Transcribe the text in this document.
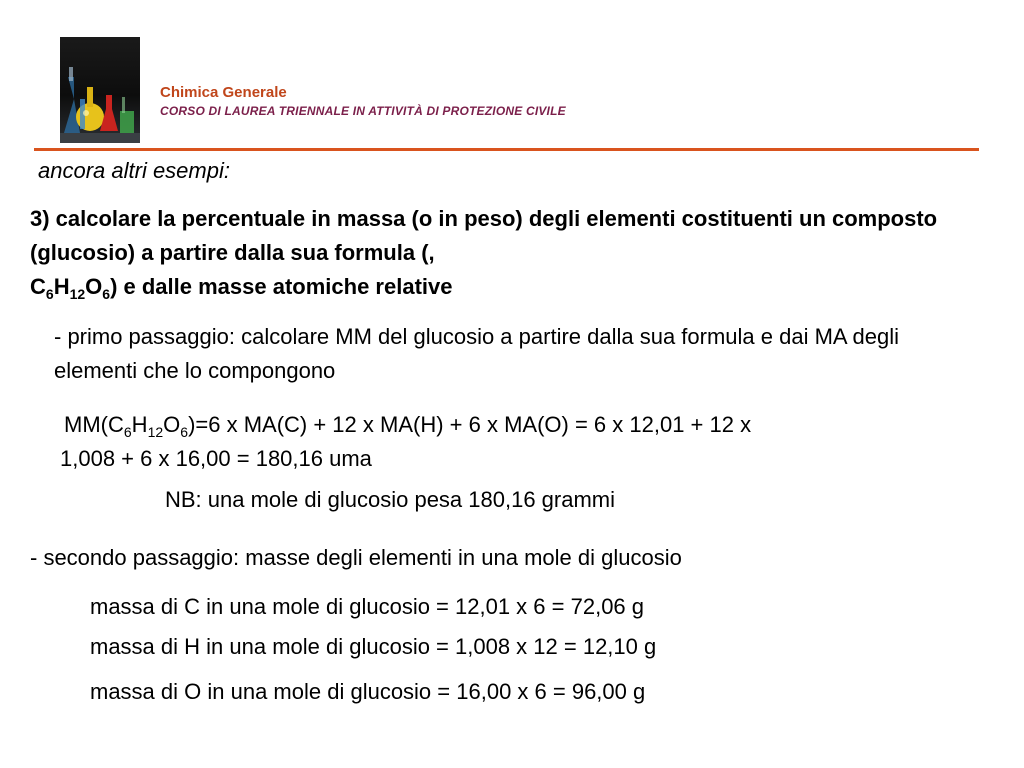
Chimica Generale
CORSO DI LAUREA TRIENNALE IN ATTIVITÀ DI PROTEZIONE CIVILE
ancora altri esempi:
3) calcolare la percentuale in massa (o in peso) degli elementi costituenti un composto (glucosio) a partire dalla sua formula (,
$C_6H_{12}O_6$) e dalle masse atomiche relative
- primo passaggio: calcolare MM del glucosio a partire dalla sua formula e dai MA degli elementi che lo compongono
$MM(C_6H_{12}O_6)=6$ x MA(C) + 12 x MA(H) + 6 x MA(O) = 6 x 12,01 + 12 x
1,008 + 6 x 16,00 = 180,16 uma
NB: una mole di glucosio pesa 180,16 grammi
- secondo passaggio: masse degli elementi in una mole di glucosio
massa di C in una mole di glucosio = 12,01 x 6 = 72,06 g
massa di H in una mole di glucosio = 1,008 x 12 = 12,10 g
massa di O in una mole di glucosio = 16,00 x 6 = 96,00 g
